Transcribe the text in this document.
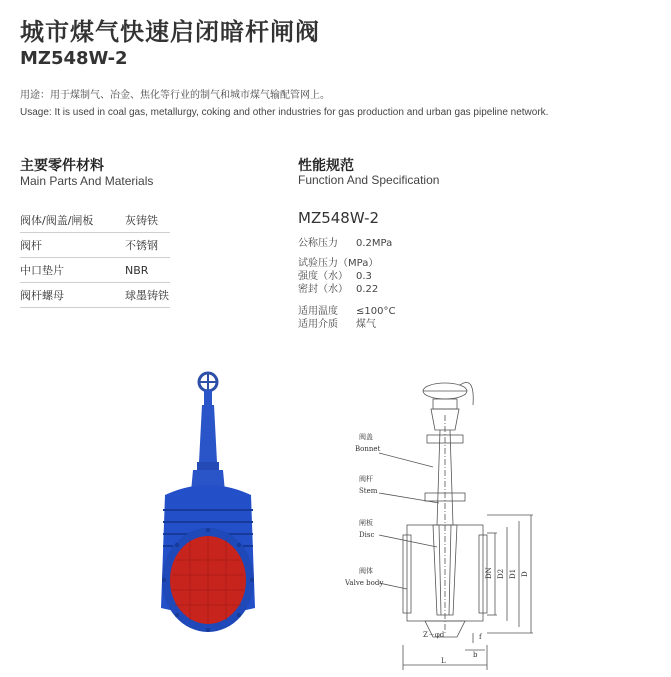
城市煤气快速启闭暗杆闸阀
MZ548W-2
用途：用于煤制气、冶金、焦化等行业的制气和城市煤气输配管网上。
Usage: It is used in coal gas, metallurgy, coking and other industries for gas production and urban gas pipeline network.
主要零件材料
Main Parts And Materials
阀体/阀盖/闸板	灰铸铁
阀杆	不锈钢
中口垫片	NBR
阀杆螺母	球墨铸铁
性能规范
Function And Specification
MZ548W-2
公称压力 0.2MPa
试验压力（MPa）
强度（水） 0.3
密封（水） 0.22
适用温度 ≤100°C
适用介质 煤气
阀盖
Bonnet
阀杆
Stem
闸板
Disc
阀体
Valve body
DN D2 D1 D
Z－φd	f
b
L
